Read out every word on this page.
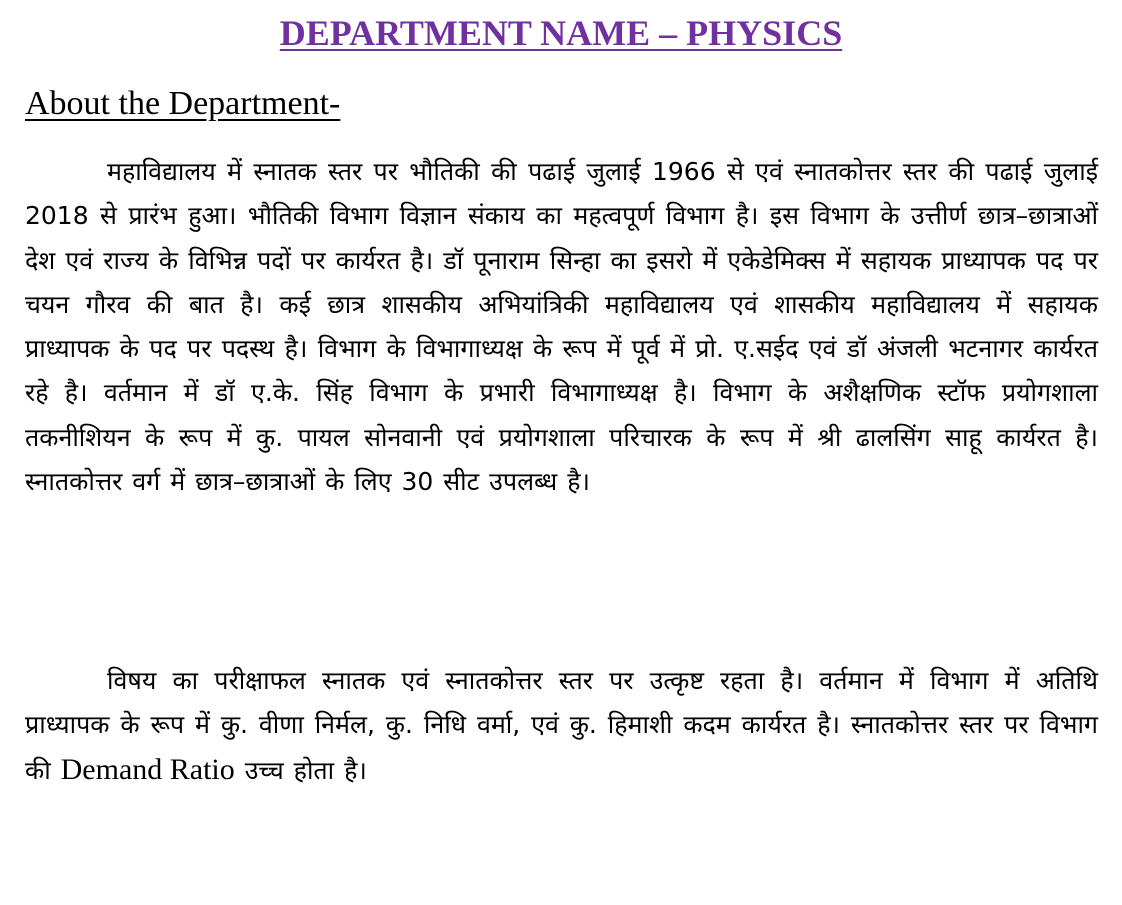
DEPARTMENT NAME – PHYSICS
About the Department-

महाविद्यालय में स्नातक स्तर पर भौतिकी की पढाई जुलाई 1966 से एवं स्नातकोत्तर स्तर की पढाई जुलाई 2018 से प्रारंभ हुआ। भौतिकी विभाग विज्ञान संकाय का महत्वपूर्ण विभाग है। इस विभाग के उत्तीर्ण छात्र–छात्राओं देश एवं राज्य के विभिन्न पदों पर कार्यरत है। डॉ पूनाराम सिन्हा का इसरो में एकेडेमिक्स में सहायक प्राध्यापक पद पर चयन गौरव की बात है। कई छात्र शासकीय अभियांत्रिकी महाविद्यालय एवं शासकीय महाविद्यालय में सहायक प्राध्यापक के पद पर पदस्थ है। विभाग के विभागाध्यक्ष के रूप में पूर्व में प्रो. ए.सईद एवं डॉ अंजली भटनागर कार्यरत रहे है। वर्तमान में डॉ ए.के. सिंह विभाग के प्रभारी विभागाध्यक्ष है। विभाग के अशैक्षणिक स्टॉफ प्रयोगशाला तकनीशियन के रूप में कु. पायल सोनवानी एवं प्रयोगशाला परिचारक के रूप में श्री ढालसिंग साहू कार्यरत है। स्नातकोत्तर वर्ग में छात्र–छात्राओं के लिए 30 सीट उपलब्ध है।

विषय का परीक्षाफल स्नातक एवं स्नातकोत्तर स्तर पर उत्कृष्ट रहता है। वर्तमान में विभाग में अतिथि प्राध्यापक के रूप में कु. वीणा निर्मल, कु. निधि वर्मा, एवं कु. हिमाशी कदम कार्यरत है। स्नातकोत्तर स्तर पर विभाग की Demand Ratio उच्च होता है।
